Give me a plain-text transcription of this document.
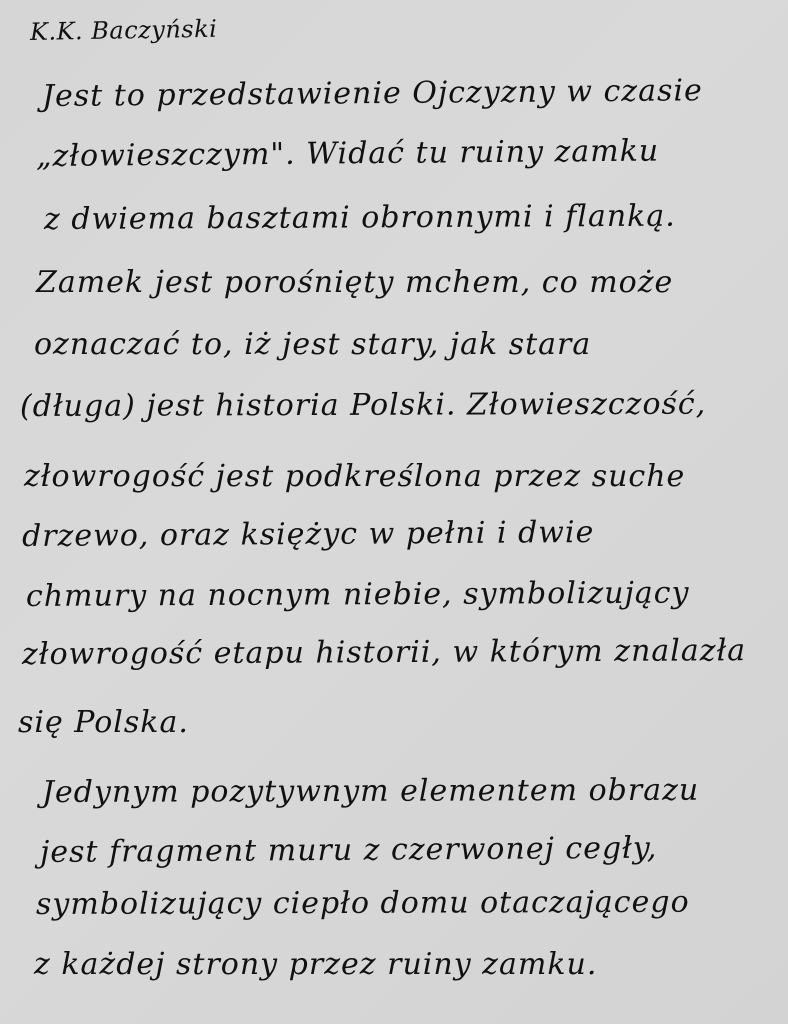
K.K. Baczyński
Jest to przedstawienie Ojczyzny w czasie
„złowieszczym". Widać tu ruiny zamku
z dwiema basztami obronnymi i flanką.
Zamek jest porośnięty mchem, co może
oznaczać to, iż jest stary, jak stara
(długa) jest historia Polski. Złowieszczość,
złowrogość jest podkreślona przez suche
drzewo, oraz księżyc w pełni i dwie
chmury na nocnym niebie, symbolizujący
złowrogość etapu historii, w którym znalazła
się Polska.
Jedynym pozytywnym elementem obrazu
jest fragment muru z czerwonej cegły,
symbolizujący ciepło domu otaczającego
z każdej strony przez ruiny zamku.
